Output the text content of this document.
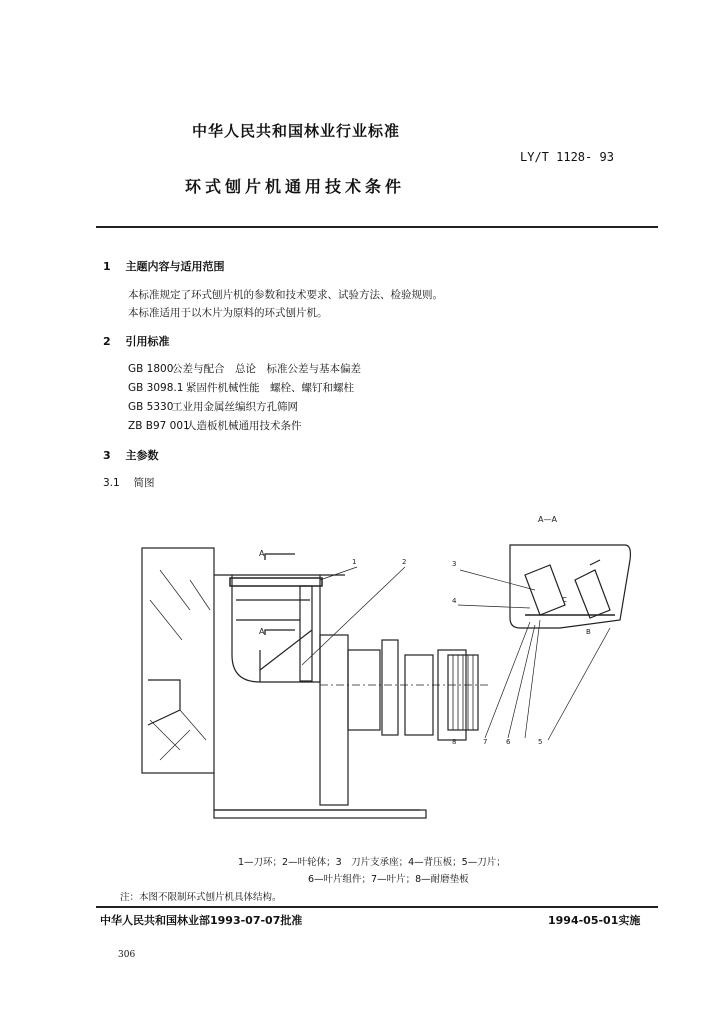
中华人民共和国林业行业标准
LY/T 1128- 93
环式刨片机通用技术条件
1　 主题内容与适用范围
本标准规定了环式刨片机的参数和技术要求、试验方法、检验规则。
本标准适用于以木片为原料的环式刨片机。
2　 引用标准
GB 1800公差与配合　总论　标准公差与基本偏差
GB 3098.1 紧固件机械性能　螺栓、螺钉和螺柱
GB 5330工业用金属丝编织方孔筛网
ZB B97 001人造板机械通用技术条件
3　 主参数
3.1　 简图
A—A
A
A
1	2	3
4
5
6
7
8
C
B
1—刀环；2—叶轮体；3　刀片支承座；4—背压板；5—刀片；
6—叶片组件；7—叶片；8—耐磨垫板
注：本图不限制环式刨片机具体结构。
中华人民共和国林业部1993-07-07批准	1994-05-01实施
306
